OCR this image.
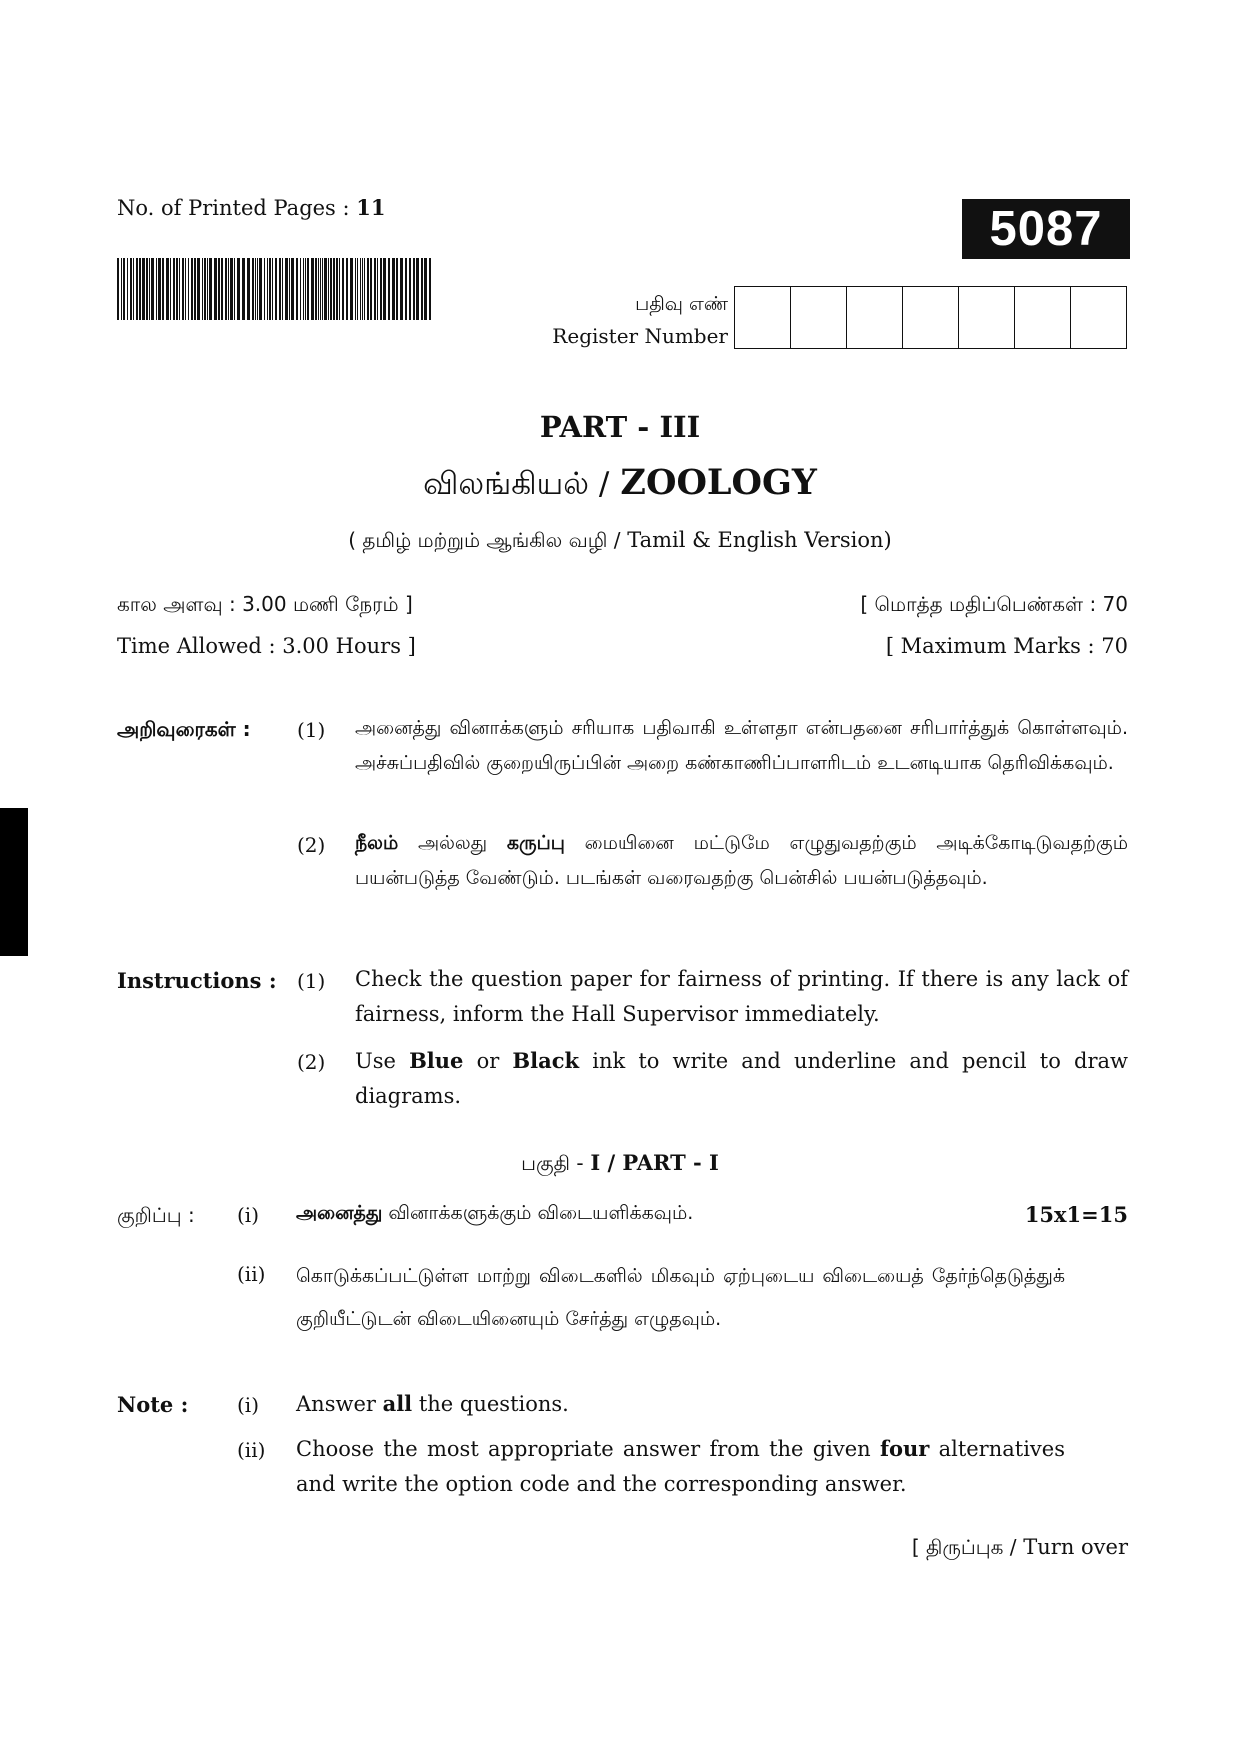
No. of Printed Pages : 11	5087
பதிவு எண்
Register Number
PART - III
விலங்கியல் / ZOOLOGY
( தமிழ் மற்றும் ஆங்கில வழி / Tamil & English Version)
கால அளவு : 3.00 மணி நேரம் ]	[ மொத்த மதிப்பெண்கள் : 70
Time Allowed : 3.00 Hours ]	[ Maximum Marks : 70
அறிவுரைகள் : (1) அனைத்து வினாக்களும் சரியாக பதிவாகி உள்ளதா என்பதனை சரிபார்த்துக் கொள்ளவும். அச்சுப்பதிவில் குறையிருப்பின் அறை கண்காணிப்பாளரிடம் உடனடியாக தெரிவிக்கவும்.
(2) நீலம் அல்லது கருப்பு மையினை மட்டுமே எழுதுவதற்கும் அடிக்கோடிடுவதற்கும் பயன்படுத்த வேண்டும். படங்கள் வரைவதற்கு பென்சில் பயன்படுத்தவும்.
Instructions : (1) Check the question paper for fairness of printing. If there is any lack of fairness, inform the Hall Supervisor immediately.
(2) Use Blue or Black ink to write and underline and pencil to draw diagrams.
பகுதி - I / PART - I
குறிப்பு : (i) அனைத்து வினாக்களுக்கும் விடையளிக்கவும்.	15x1=15
(ii) கொடுக்கப்பட்டுள்ள மாற்று விடைகளில் மிகவும் ஏற்புடைய விடையைத் தேர்ந்தெடுத்துக் குறியீட்டுடன் விடையினையும் சேர்த்து எழுதவும்.
Note : (i) Answer all the questions.
(ii) Choose the most appropriate answer from the given four alternatives and write the option code and the corresponding answer.
[ திருப்புக / Turn over
